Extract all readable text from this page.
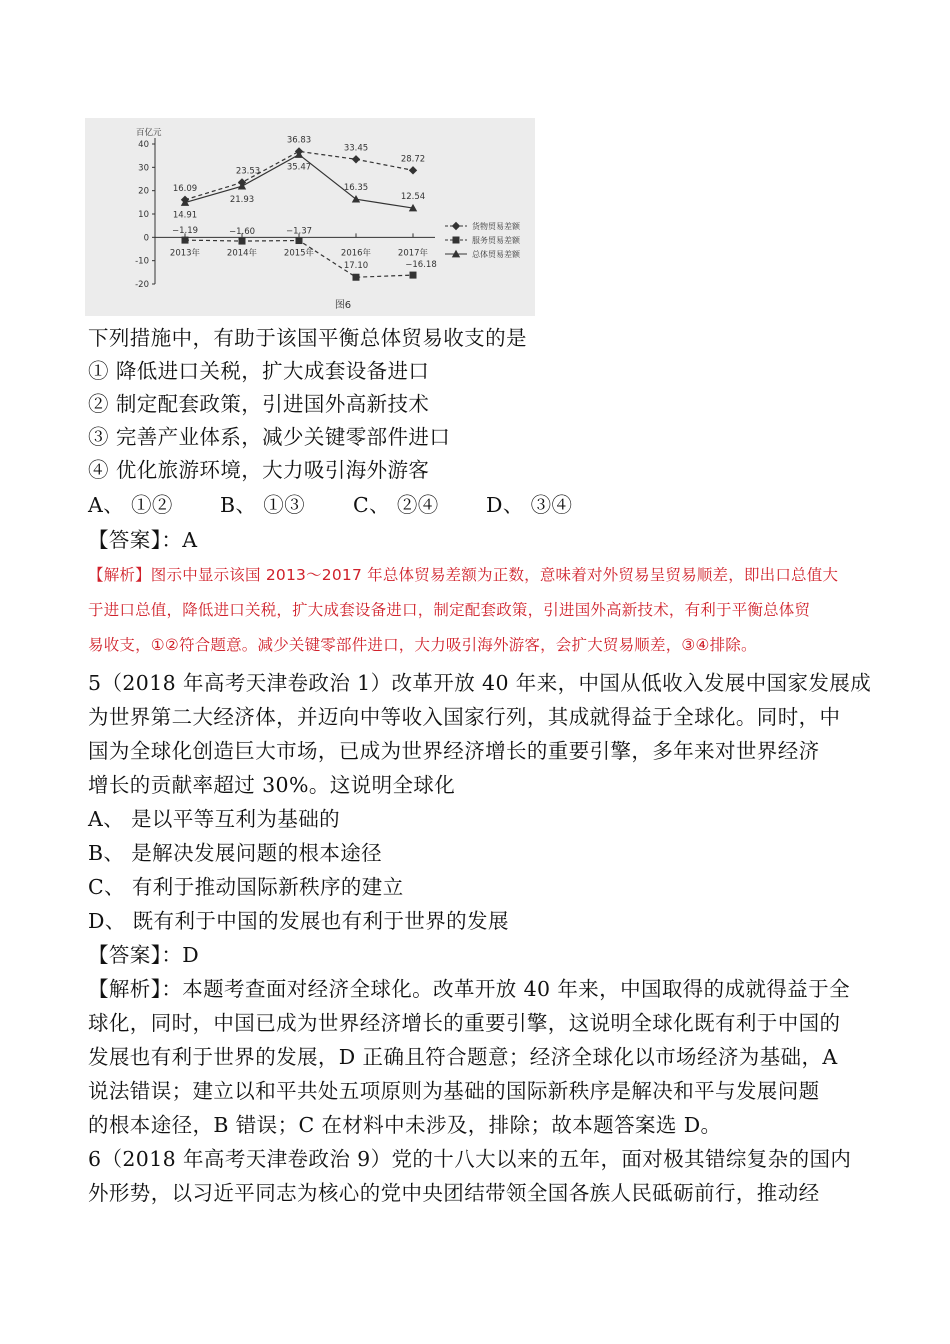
百亿元
40
30
20
10
0
-10
-20
2013年	2014年	2015年	2016年	2017年
16.09
23.53
36.83
33.45
28.72
−1.19	−1.60	−1.37
17.10	−16.18
14.91
21.93
35.47
16.35
12.54
货物贸易差额
服务贸易差额
总体贸易差额
图6
下列措施中，有助于该国平衡总体贸易收支的是
① 降低进口关税，扩大成套设备进口
② 制定配套政策，引进国外高新技术
③ 完善产业体系，减少关键零部件进口
④ 优化旅游环境，大力吸引海外游客
A、 ①② B、 ①③ C、 ②④ D、 ③④
【答案】：A
【解析】图示中显示该国 2013～2017 年总体贸易差额为正数，意味着对外贸易呈贸易顺差，即出口总值大
于进口总值，降低进口关税，扩大成套设备进口，制定配套政策，引进国外高新技术，有利于平衡总体贸
易收支，①②符合题意。减少关键零部件进口，大力吸引海外游客，会扩大贸易顺差，③④排除。
5（2018 年高考天津卷政治 1）改革开放 40 年来，中国从低收入发展中国家发展成
为世界第二大经济体，并迈向中等收入国家行列，其成就得益于全球化。同时，中
国为全球化创造巨大市场，已成为世界经济增长的重要引擎，多年来对世界经济
增长的贡献率超过 30%。这说明全球化
A、 是以平等互利为基础的
B、 是解决发展问题的根本途径
C、 有利于推动国际新秩序的建立
D、 既有利于中国的发展也有利于世界的发展
【答案】：D
【解析】：本题考查面对经济全球化。改革开放 40 年来，中国取得的成就得益于全
球化，同时，中国已成为世界经济增长的重要引擎，这说明全球化既有利于中国的
发展也有利于世界的发展，D 正确且符合题意；经济全球化以市场经济为基础，A
说法错误；建立以和平共处五项原则为基础的国际新秩序是解决和平与发展问题
的根本途径，B 错误；C 在材料中未涉及，排除；故本题答案选 D。
6（2018 年高考天津卷政治 9）党的十八大以来的五年，面对极其错综复杂的国内
外形势，以习近平同志为核心的党中央团结带领全国各族人民砥砺前行，推动经
